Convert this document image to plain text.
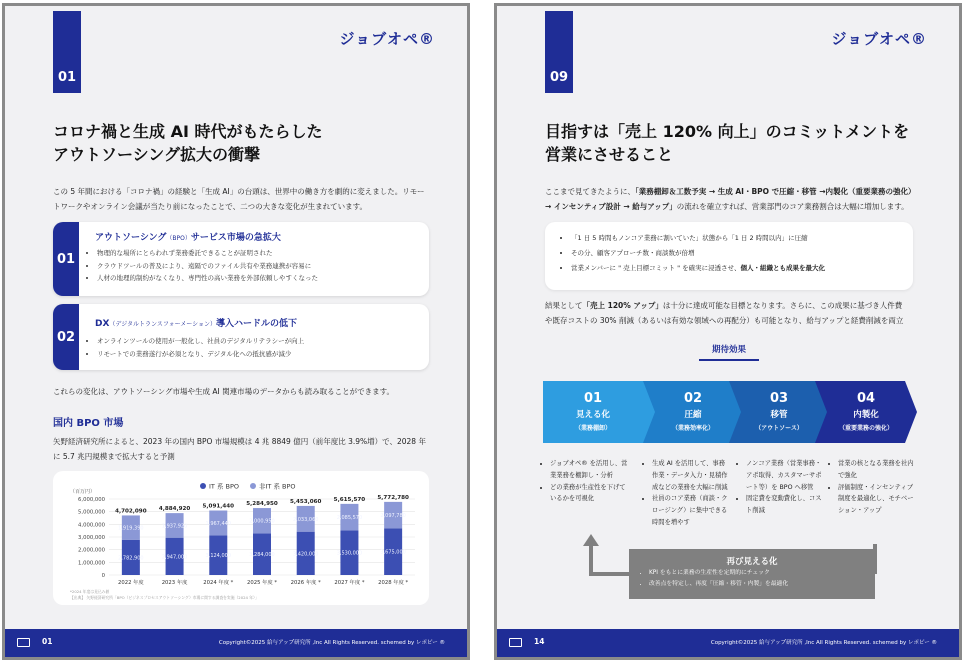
01
ジョブオペ®
コロナ禍と生成 AI 時代がもたらした
アウトソーシング拡大の衝撃
この 5 年間における「コロナ禍」の経験と「生成 AI」の台頭は、世界中の働き方を劇的に変えました。リモー
トワークやオンライン会議が当たり前になったことで、二つの大きな変化が生まれています。
01
アウトソーシング（BPO）サービス市場の急拡大
• 物理的な場所にとらわれず業務委託できることが証明された
• クラウドツールの普及により、遠隔でのファイル共有や業務連携が容易に
• 人材の地理的制約がなくなり、専門性の高い業務を外部依頼しやすくなった
02
DX（デジタルトランスフォーメーション）導入ハードルの低下
• オンラインツールの使用が一般化し、社員のデジタルリテラシーが向上
• リモートでの業務遂行が必須となり、デジタル化への抵抗感が減少
これらの変化は、アウトソーシング市場や生成 AI 関連市場のデータからも読み取ることができます。
国内 BPO 市場
矢野経済研究所によると、2023 年の国内 BPO 市場規模は 4 兆 8849 億円（前年度比 3.9%増）で、2028 年
に 5.7 兆円規模まで拡大すると予測
（百万円）
IT 系 BPO	非IT 系 BPO
0
1,000,000
2,000,000
3,000,000
4,000,000
5,000,000
6,000,000
2,782,900
1,919,390
4,702,090
2022 年度
2,947,000
1,937,920
4,884,920
2023 年度
3,124,000
1,967,440
5,091,440
2024 年度 *
3,284,000
2,000,950
5,284,950
2025 年度 *
3,420,000
2,033,060
5,453,060
2026 年度 *
3,530,000
2,085,570
5,615,570
2027 年度 *
3,675,000
2,097,780
5,772,780
2028 年度 *
*2024 年度は見込み値
【出典】 矢野経済研究所「BPO（ビジネスプロセスアウトソーシング）市場に関する調査を実施（2024 年）」
01	Copyright©2025 給与アップ研究所 ,Inc All Rights Reserved. schemed by レポピー ®
09
ジョブオペ®
目指すは「売上 120% 向上」のコミットメントを
営業にさせること
ここまで見てきたように、「業務棚卸＆工数予実 → 生成 AI・BPO で圧縮・移管 →内製化（重要業務の強化）
→ インセンティブ設計 → 給与アップ」の流れを確立すれば、営業部門のコア業務割合は大幅に増加します。
• 「1 日 5 時間もノンコア業務に割いていた」状態から「1 日 2 時間以内」に圧縮
• その分、顧客アプローチ数・商談数が倍増
• 営業メンバーに " 売上目標コミット " を確実に浸透させ、個人・組織とも成果を最大化
結果として「売上 120% アップ」は十分に達成可能な目標となります。さらに、この成果に基づき人件費
や既存コストの 30% 削減（あるいは有効な領域への再配分）も可能となり、給与アップと経費削減を両立
期待効果
01
見える化
（業務棚卸）
02
圧縮
（業務効率化）
03
移管
（アウトソース）
04
内製化
（重要業務の強化）
• ジョブオペ® を活用し、営業業務を棚卸し・分析
• どの業務が生産性を下げているかを可視化
• 生成 AI を活用して、事務作業・データ入力・見積作成などの業務を大幅に削減
• 社員のコア業務（商談・クロージング）に集中できる時間を増やす
• ノンコア業務（営業事務・アポ取得、カスタマーサポート等）を BPO へ移管
• 固定費を変動費化し、コスト削減
• 営業の核となる業務を社内で強化
• 評価制度・インセンティブ制度を最適化し、モチベーション・アップ
再び見える化
• KPI をもとに業務の生産性を定期的にチェック
• 改善点を特定し、再度「圧縮・移管・内製」を最適化
14	Copyright©2025 給与アップ研究所 ,Inc All Rights Reserved. schemed by レポピー ®
